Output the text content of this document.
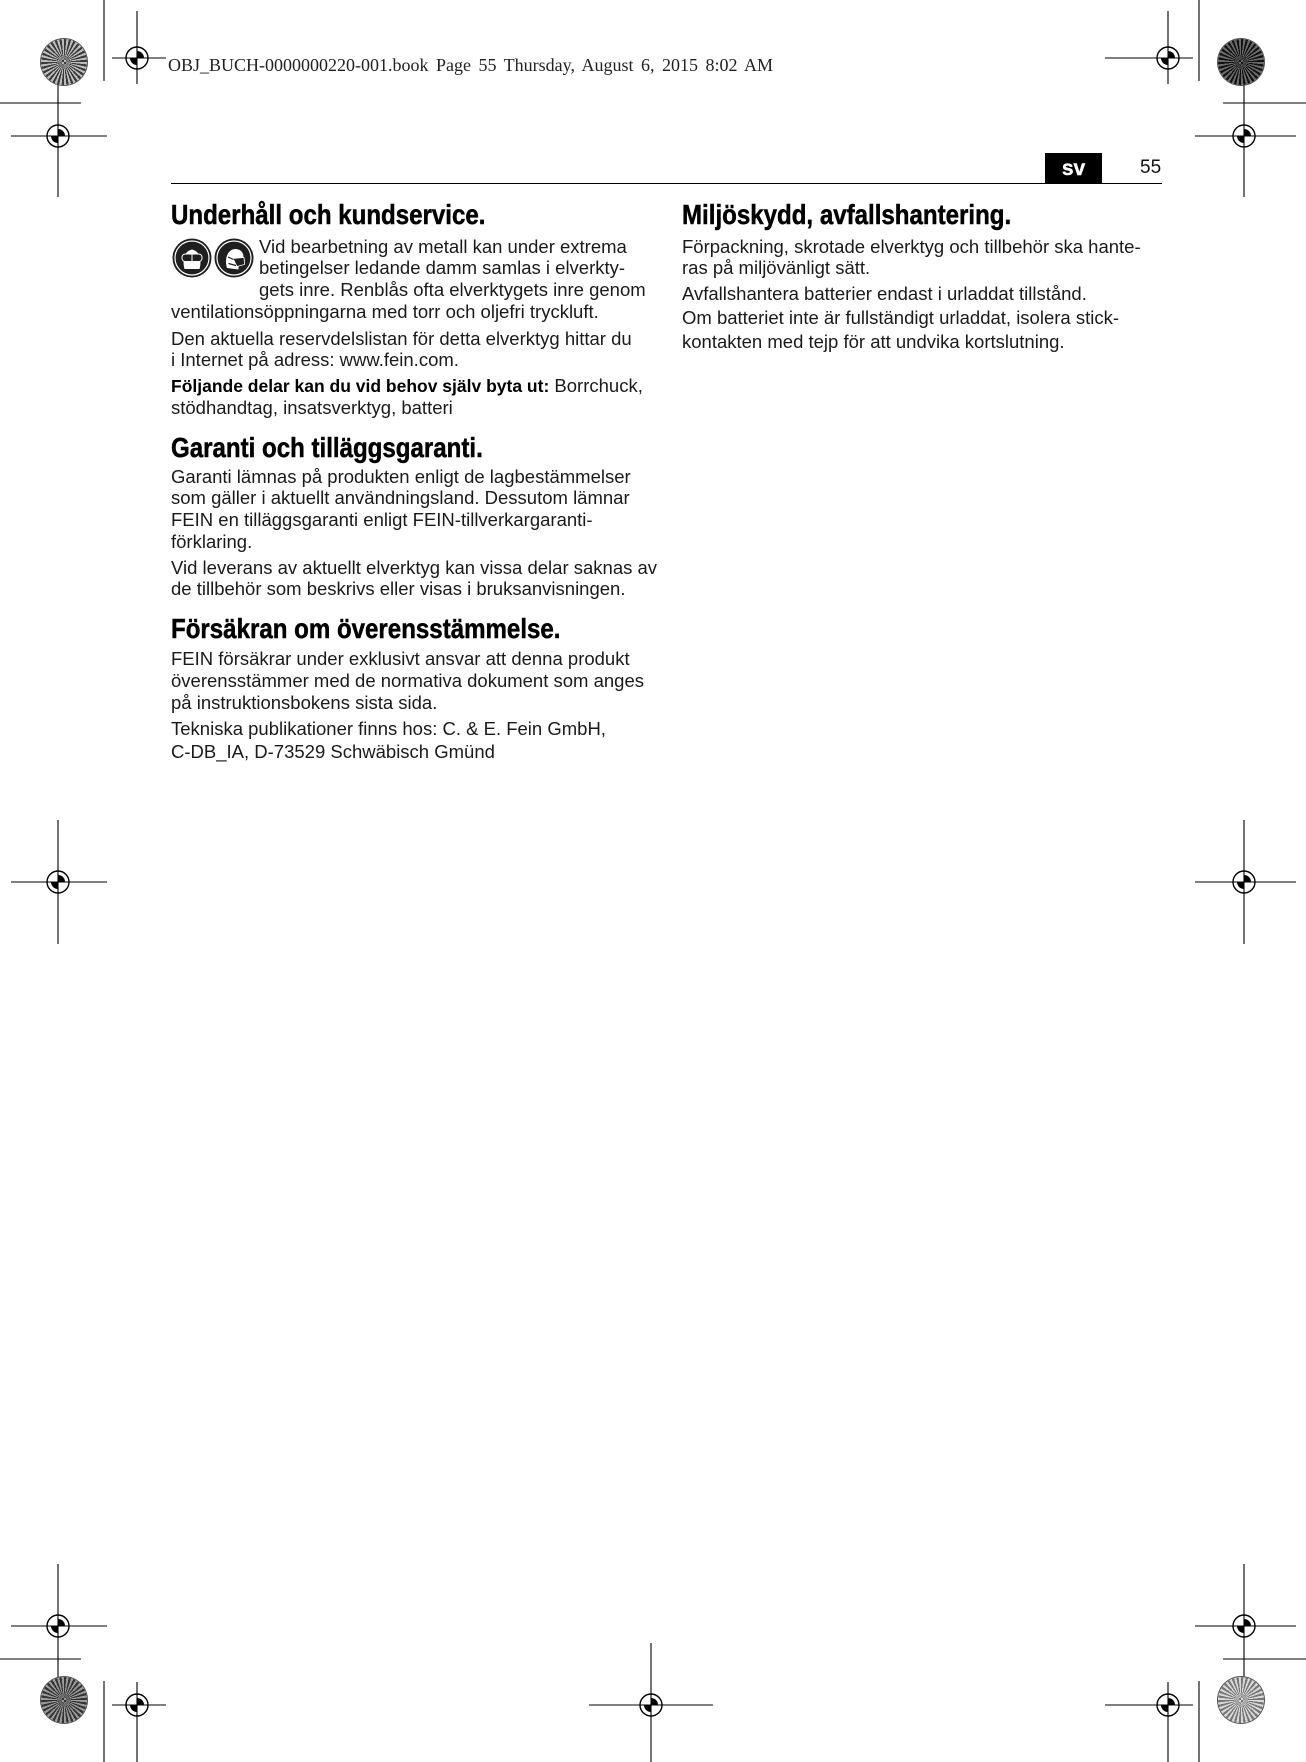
OBJ_BUCH-0000000220-001.book Page 55 Thursday, August 6, 2015 8:02 AM
sv	55
Underhåll och kundservice.
Vid bearbetning av metall kan under extrema
betingelser ledande damm samlas i elverkty-
gets inre. Renblås ofta elverktygets inre genom
ventilationsöppningarna med torr och oljefri tryckluft.
Den aktuella reservdelslistan för detta elverktyg hittar du
i Internet på adress: www.fein.com.
Följande delar kan du vid behov själv byta ut: Borrchuck,
stödhandtag, insatsverktyg, batteri
Garanti och tilläggsgaranti.
Garanti lämnas på produkten enligt de lagbestämmelser
som gäller i aktuellt användningsland. Dessutom lämnar
FEIN en tilläggsgaranti enligt FEIN-tillverkargaranti-
förklaring.
Vid leverans av aktuellt elverktyg kan vissa delar saknas av
de tillbehör som beskrivs eller visas i bruksanvisningen.
Försäkran om överensstämmelse.
FEIN försäkrar under exklusivt ansvar att denna produkt
överensstämmer med de normativa dokument som anges
på instruktionsbokens sista sida.
Tekniska publikationer finns hos: C. & E. Fein GmbH,
C-DB_IA, D-73529 Schwäbisch Gmünd
Miljöskydd, avfallshantering.
Förpackning, skrotade elverktyg och tillbehör ska hante-
ras på miljövänligt sätt.
Avfallshantera batterier endast i urladdat tillstånd.
Om batteriet inte är fullständigt urladdat, isolera stick-
kontakten med tejp för att undvika kortslutning.
